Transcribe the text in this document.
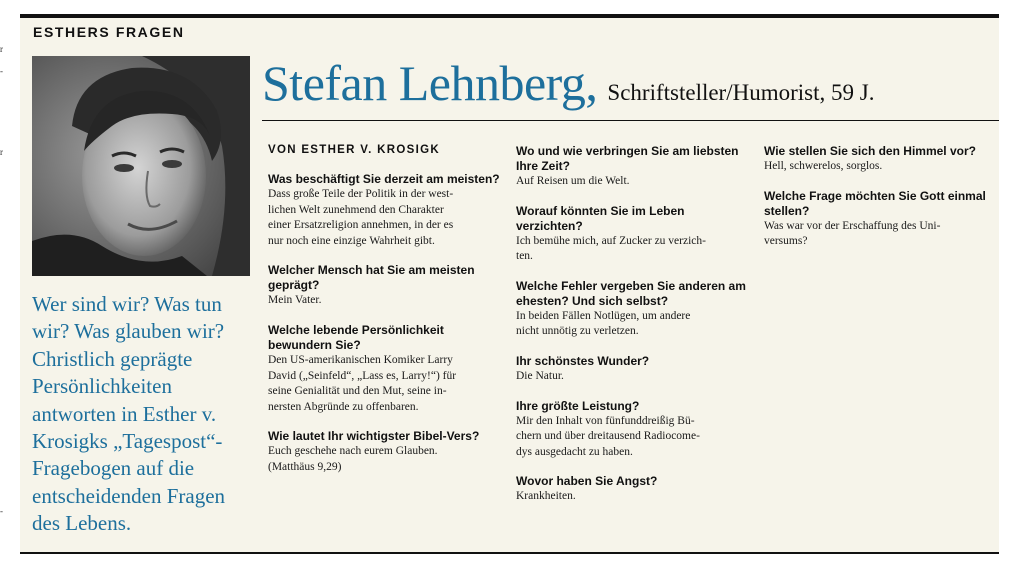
r
-
r
-
ESTHERS FRAGEN
Wer sind wir? Was tun wir? Was glauben wir? Christlich geprägte Persönlichkeiten antworten in Esther v. Krosigks „Tagespost“-Fragebogen auf die entscheidenden Fragen des Lebens.
Stefan Lehnberg, Schriftsteller/Humorist, 59 J.
VON ESTHER V. KROSIGK
Was beschäftigt Sie derzeit am meisten?
Dass große Teile der Politik in der west-
lichen Welt zunehmend den Charakter
einer Ersatzreligion annehmen, in der es
nur noch eine einzige Wahrheit gibt.
Welcher Mensch hat Sie am meisten geprägt?
Mein Vater.
Welche lebende Persönlichkeit bewundern Sie?
Den US-amerikanischen Komiker Larry
David („Seinfeld“, „Lass es, Larry!“) für
seine Genialität und den Mut, seine in-
nersten Abgründe zu offenbaren.
Wie lautet Ihr wichtigster Bibel-Vers?
Euch geschehe nach eurem Glauben.
(Matthäus 9,29)
Wo und wie verbringen Sie am liebsten Ihre Zeit?
Auf Reisen um die Welt.
Worauf könnten Sie im Leben verzichten?
Ich bemühe mich, auf Zucker zu verzich-
ten.
Welche Fehler vergeben Sie anderen am ehesten? Und sich selbst?
In beiden Fällen Notlügen, um andere
nicht unnötig zu verletzen.
Ihr schönstes Wunder?
Die Natur.
Ihre größte Leistung?
Mir den Inhalt von fünfunddreißig Bü-
chern und über dreitausend Radiocome-
dys ausgedacht zu haben.
Wovor haben Sie Angst?
Krankheiten.
Wie stellen Sie sich den Himmel vor?
Hell, schwerelos, sorglos.
Welche Frage möchten Sie Gott einmal stellen?
Was war vor der Erschaffung des Uni-
versums?
